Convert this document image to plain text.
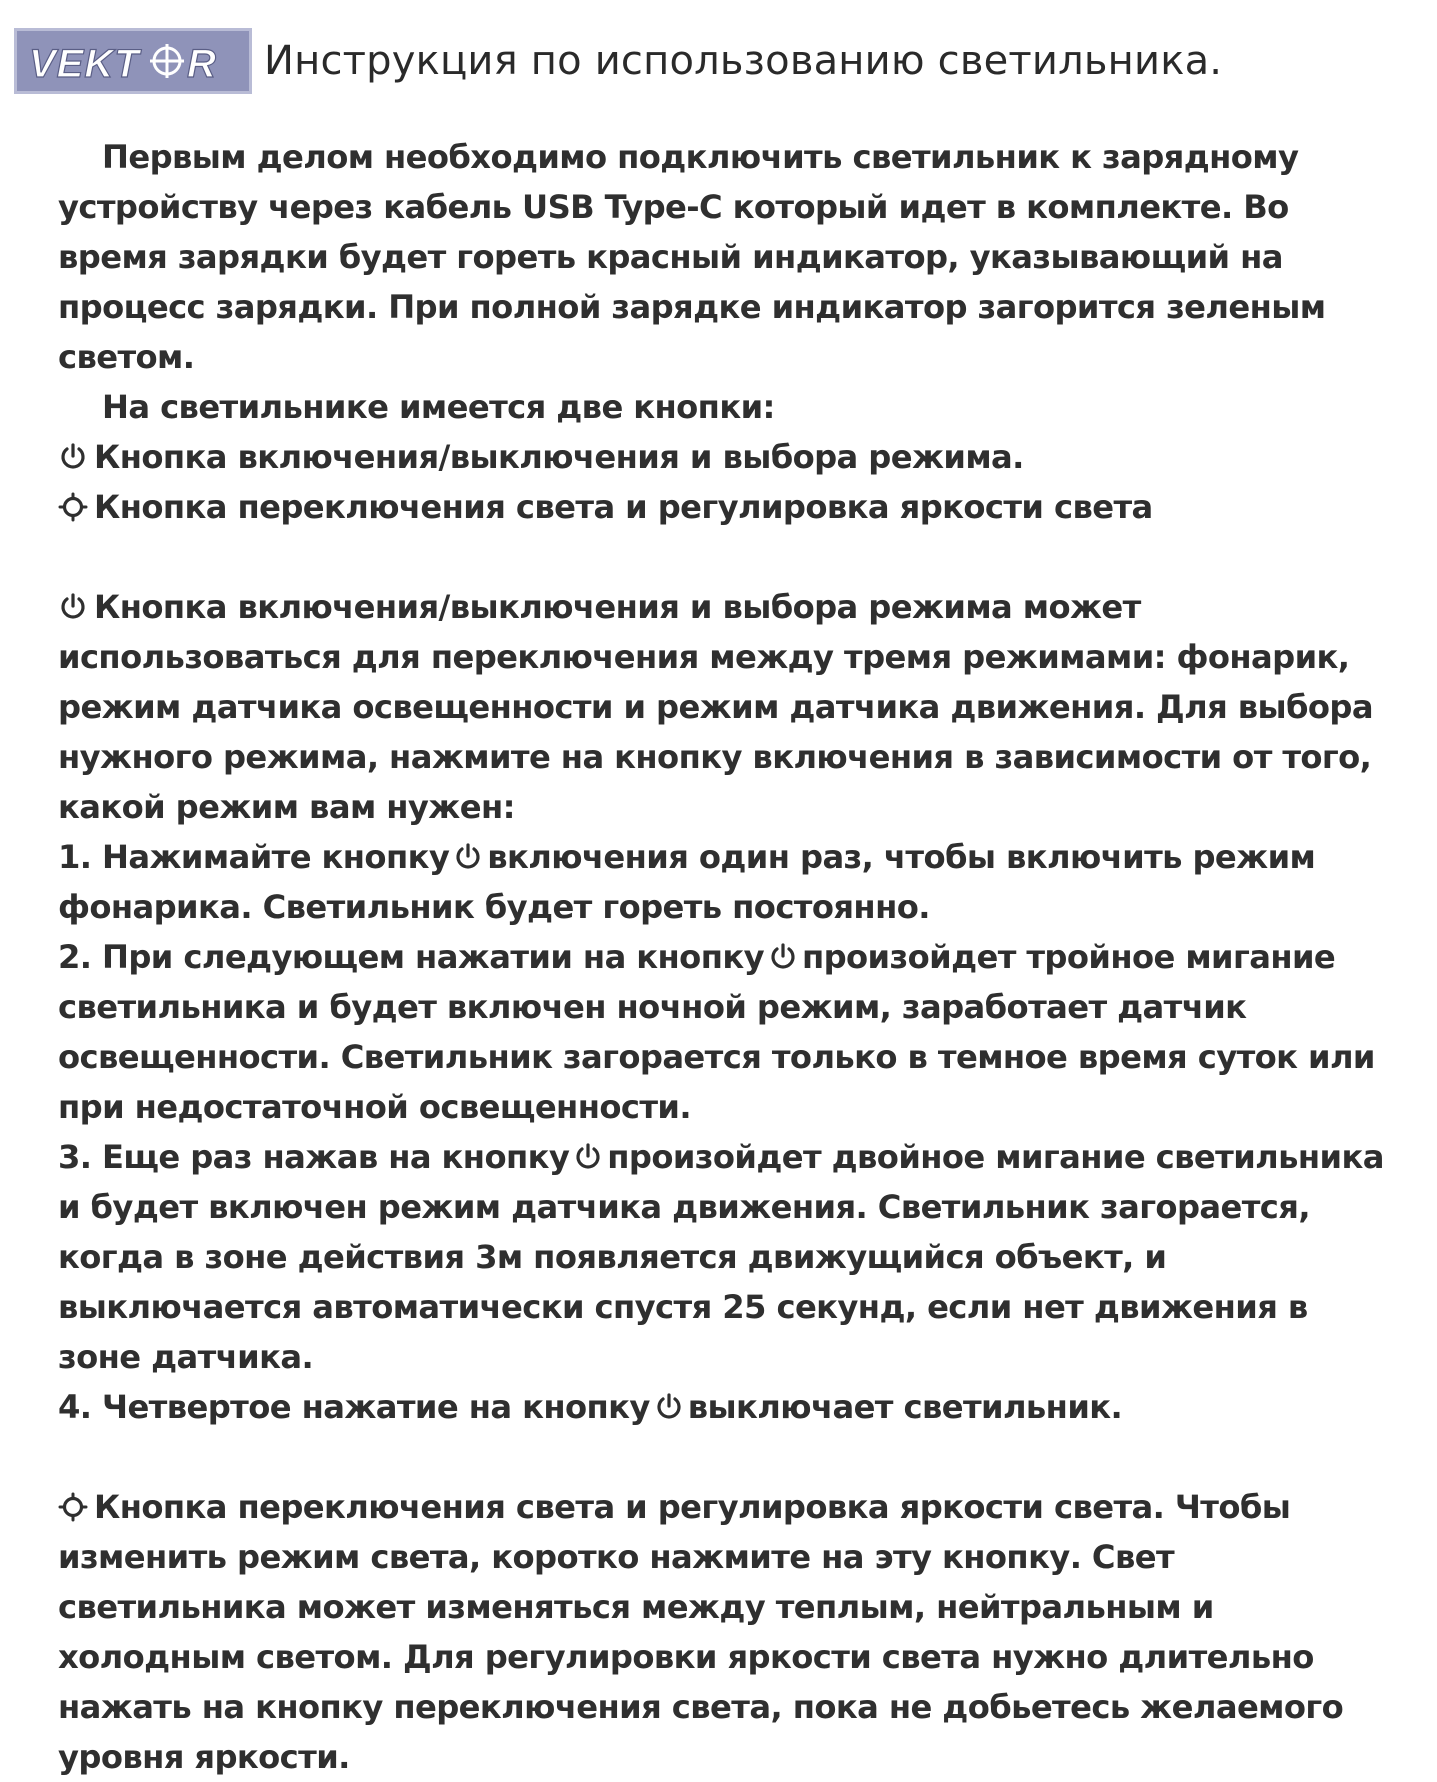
VEKT R Инструкция по использованию светильника.

Первым делом необходимо подключить светильник к зарядному устройству через кабель USB Type-C который идет в комплекте. Во время зарядки будет гореть красный индикатор, указывающий на процесс зарядки. При полной зарядке индикатор загорится зеленым светом.

На светильнике имеется две кнопки:

Кнопка включения/выключения и выбора режима.

Кнопка переключения света и регулировка яркости света

Кнопка включения/выключения и выбора режима может использоваться для переключения между тремя режимами: фонарик, режим датчика освещенности и режим датчика движения. Для выбора нужного режима, нажмите на кнопку включения в зависимости от того, какой режим вам нужен:

1. Нажимайте кнопку включения один раз, чтобы включить режим фонарика. Светильник будет гореть постоянно.

2. При следующем нажатии на кнопку произойдет тройное мигание светильника и будет включен ночной режим, заработает датчик освещенности. Светильник загорается только в темное время суток или при недостаточной освещенности.

3. Еще раз нажав на кнопку произойдет двойное мигание светильника и будет включен режим датчика движения. Светильник загорается, когда в зоне действия 3м появляется движущийся объект, и выключается автоматически спустя 25 секунд, если нет движения в зоне датчика.

4. Четвертое нажатие на кнопку выключает светильник.

Кнопка переключения света и регулировка яркости света. Чтобы изменить режим света, коротко нажмите на эту кнопку. Свет светильника может изменяться между теплым, нейтральным и холодным светом. Для регулировки яркости света нужно длительно нажать на кнопку переключения света, пока не добьетесь желаемого уровня яркости.
